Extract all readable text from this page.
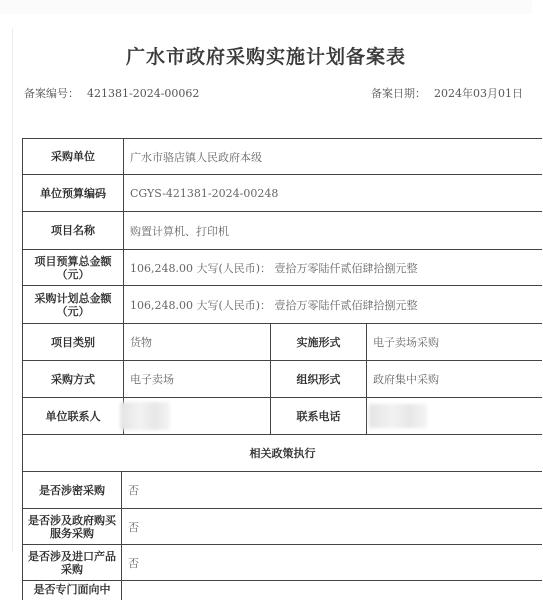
广水市政府采购实施计划备案表
备案编号： 421381-2024-00062	备案日期： 2024年03月01日
采购单位	广水市骆店镇人民政府本级
单位预算编码	CGYS-421381-2024-00248
项目名称	购置计算机、打印机
项目预算总金额（元）	106,248.00 大写(人民币)： 壹拾万零陆仟贰佰肆拾捌元整
采购计划总金额（元）	106,248.00 大写(人民币)： 壹拾万零陆仟贰佰肆拾捌元整
项目类别	货物	实施形式	电子卖场采购
采购方式	电子卖场	组织形式	政府集中采购
单位联系人	联系电话
相关政策执行
是否涉密采购	否
是否涉及政府购买服务采购	否
是否涉及进口产品采购	否
是否专门面向中
